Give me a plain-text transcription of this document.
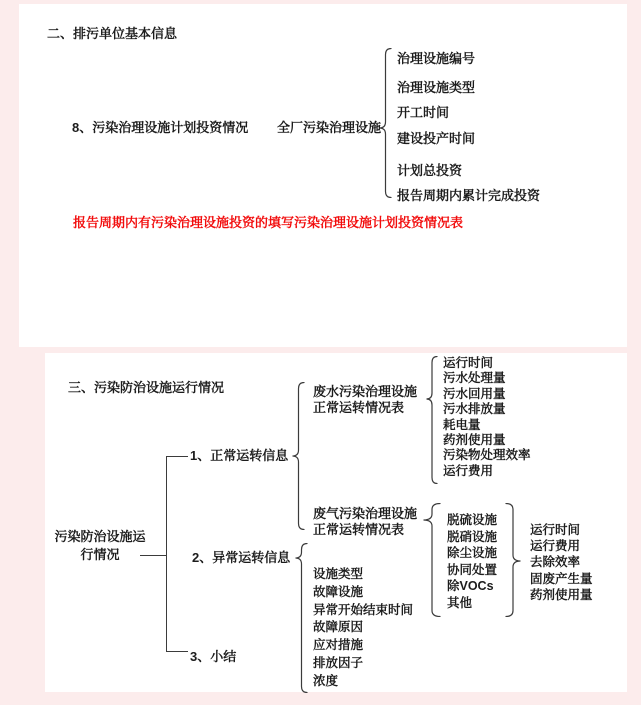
二、排污单位基本信息
8、污染治理设施计划投资情况 全厂污染治理设施
治理设施编号
治理设施类型
开工时间
建设投产时间
计划总投资
报告周期内累计完成投资
报告周期内有污染治理设施投资的填写污染治理设施计划投资情况表
三、污染防治设施运行情况
污染防治设施运
行情况
1、正常运转信息
2、异常运转信息
3、小结
废水污染治理设施
正常运转情况表
运行时间
污水处理量
污水回用量
污水排放量
耗电量
药剂使用量
污染物处理效率
运行费用
废气污染治理设施
正常运转情况表
脱硫设施
脱硝设施
除尘设施
协同处置
除VOCs
其他
运行时间
运行费用
去除效率
固废产生量
药剂使用量
设施类型
故障设施
异常开始结束时间
故障原因
应对措施
排放因子
浓度
